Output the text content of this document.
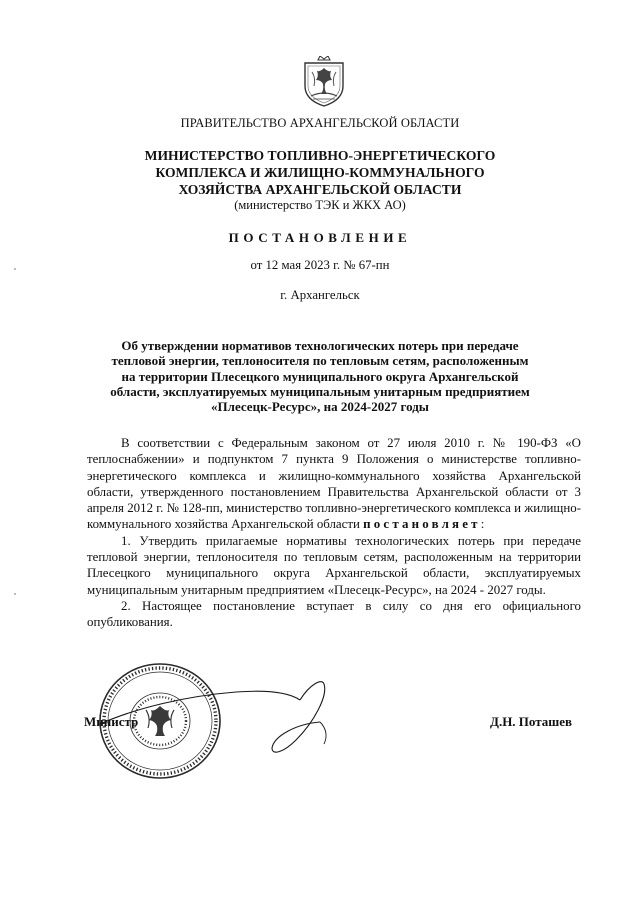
ПРАВИТЕЛЬСТВО АРХАНГЕЛЬСКОЙ ОБЛАСТИ
МИНИСТЕРСТВО ТОПЛИВНО-ЭНЕРГЕТИЧЕСКОГО
КОМПЛЕКСА И ЖИЛИЩНО-КОММУНАЛЬНОГО
ХОЗЯЙСТВА АРХАНГЕЛЬСКОЙ ОБЛАСТИ
(министерство ТЭК и ЖКХ АО)
ПОСТАНОВЛЕНИЕ
от 12 мая 2023 г. № 67-пн
г. Архангельск
Об утверждении нормативов технологических потерь при передаче
тепловой энергии, теплоносителя по тепловым сетям, расположенным
на территории Плесецкого муниципального округа Архангельской
области, эксплуатируемых муниципальным унитарным предприятием
«Плесецк-Ресурс», на 2024-2027 годы

В соответствии с Федеральным законом от 27 июля 2010 г. № 190-ФЗ «О теплоснабжении» и подпунктом 7 пункта 9 Положения о министерстве топливно-энергетического комплекса и жилищно-коммунального хозяйства Архангельской области, утвержденного постановлением Правительства Архангельской области от 3 апреля 2012 г. № 128-пп, министерство топливно-энергетического комплекса и жилищно-коммунального хозяйства Архангельской области постановляет:

1. Утвердить прилагаемые нормативы технологических потерь при передаче тепловой энергии, теплоносителя по тепловым сетям, расположенным на территории Плесецкого муниципального округа Архангельской области, эксплуатируемых муниципальным унитарным предприятием «Плесецк-Ресурс», на 2024 - 2027 годы.

2. Настоящее постановление вступает в силу со дня его официального опубликования.

Министр	Д.Н. Поташев
